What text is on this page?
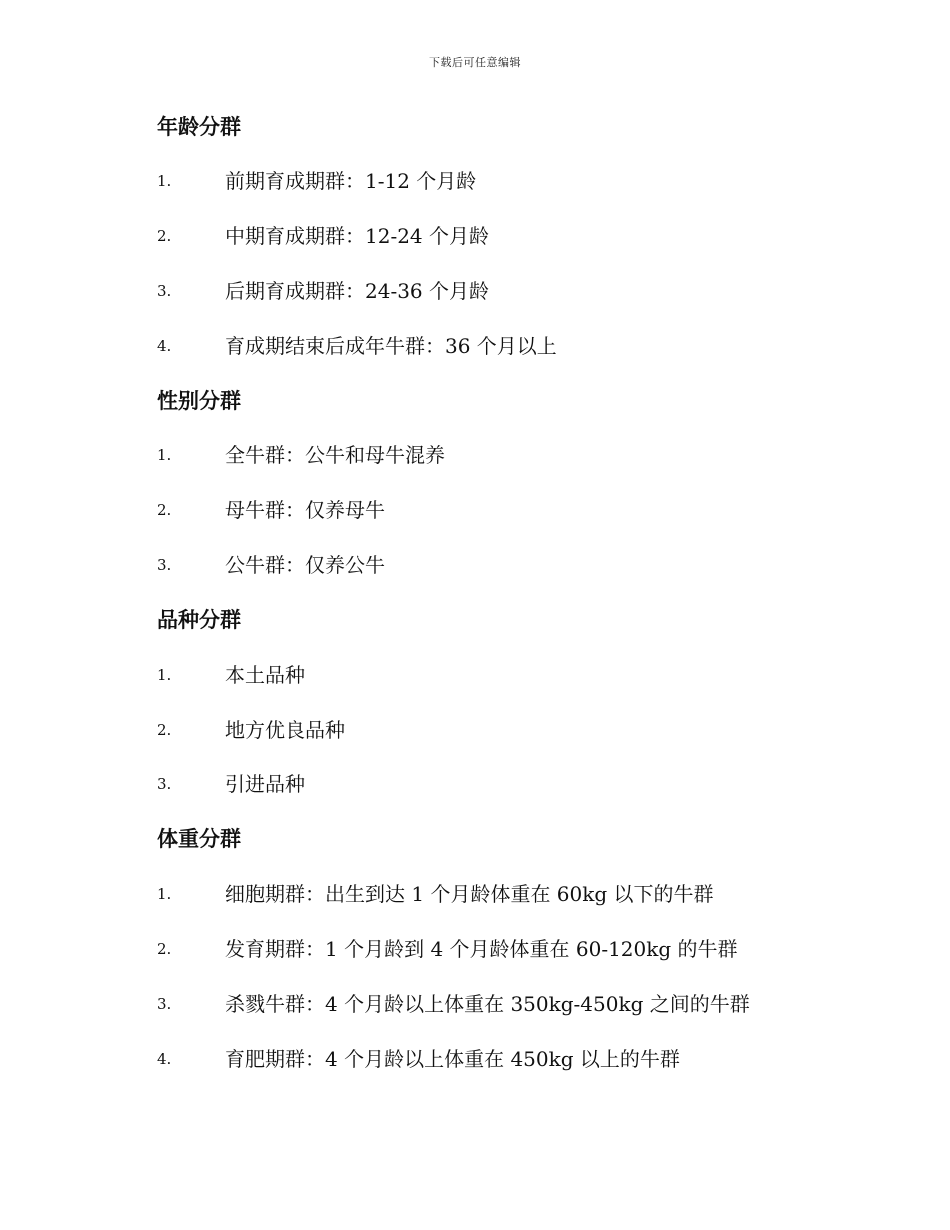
下载后可任意编辑
年龄分群
1.	前期育成期群：1-12 个月龄
2.	中期育成期群：12-24 个月龄
3.	后期育成期群：24-36 个月龄
4.	育成期结束后成年牛群：36 个月以上
性别分群
1.	全牛群：公牛和母牛混养
2.	母牛群：仅养母牛
3.	公牛群：仅养公牛
品种分群
1.	本土品种
2.	地方优良品种
3.	引进品种
体重分群
1.	细胞期群：出生到达 1 个月龄体重在 60kg 以下的牛群
2.	发育期群：1 个月龄到 4 个月龄体重在 60-120kg 的牛群
3.	杀戮牛群：4 个月龄以上体重在 350kg-450kg 之间的牛群
4.	育肥期群：4 个月龄以上体重在 450kg 以上的牛群
